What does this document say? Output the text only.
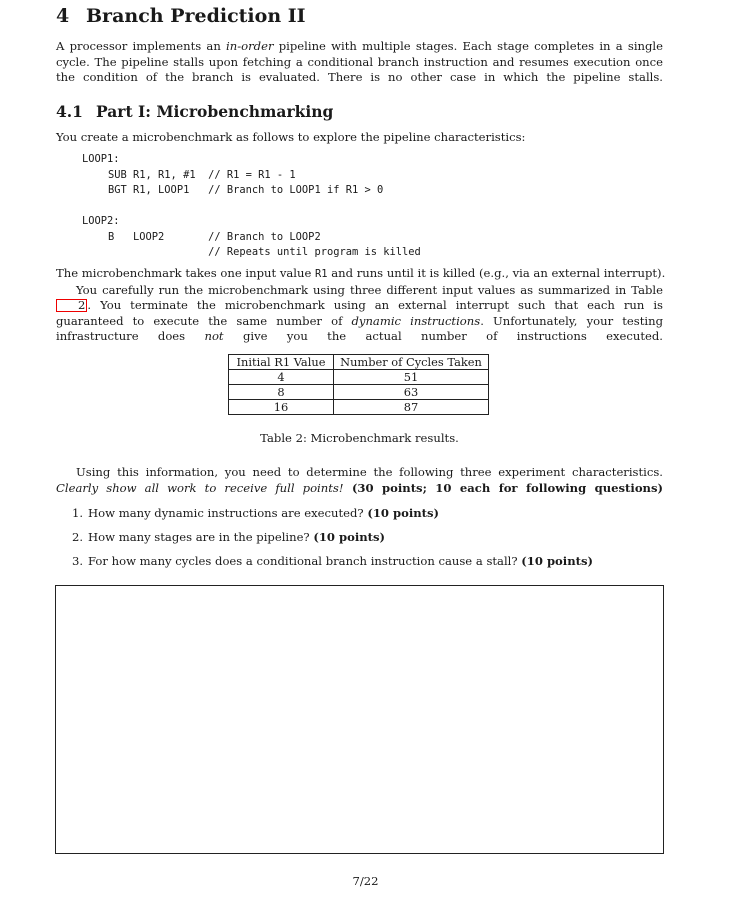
4 Branch Prediction II
A processor implements an in-order pipeline with multiple stages. Each stage completes in a single cycle. The pipeline stalls upon fetching a conditional branch instruction and resumes execution once the condition of the branch is evaluated. There is no other case in which the pipeline stalls.
4.1 Part I: Microbenchmarking
You create a microbenchmark as follows to explore the pipeline characteristics:
LOOP1:
SUB R1, R1, #1  // R1 = R1 - 1
BGT R1, LOOP1   // Branch to LOOP1 if R1 > 0
LOOP2:
B   LOOP2       // Branch to LOOP2
// Repeats until program is killed
The microbenchmark takes one input value R1 and runs until it is killed (e.g., via an external interrupt).
You carefully run the microbenchmark using three different input values as summarized in Table 2 . You terminate the microbenchmark using an external interrupt such that each run is guaranteed to execute the same number of dynamic instructions. Unfortunately, your testing infrastructure does not give you the actual number of instructions executed.
Initial R1 Value	Number of Cycles Taken
4	51
8	63
16	87
Table 2: Microbenchmark results.
Using this information, you need to determine the following three experiment characteristics. Clearly show all work to receive full points! (30 points; 10 each for following questions)
1. How many dynamic instructions are executed? (10 points)
2. How many stages are in the pipeline? (10 points)
3. For how many cycles does a conditional branch instruction cause a stall? (10 points)
7/22
